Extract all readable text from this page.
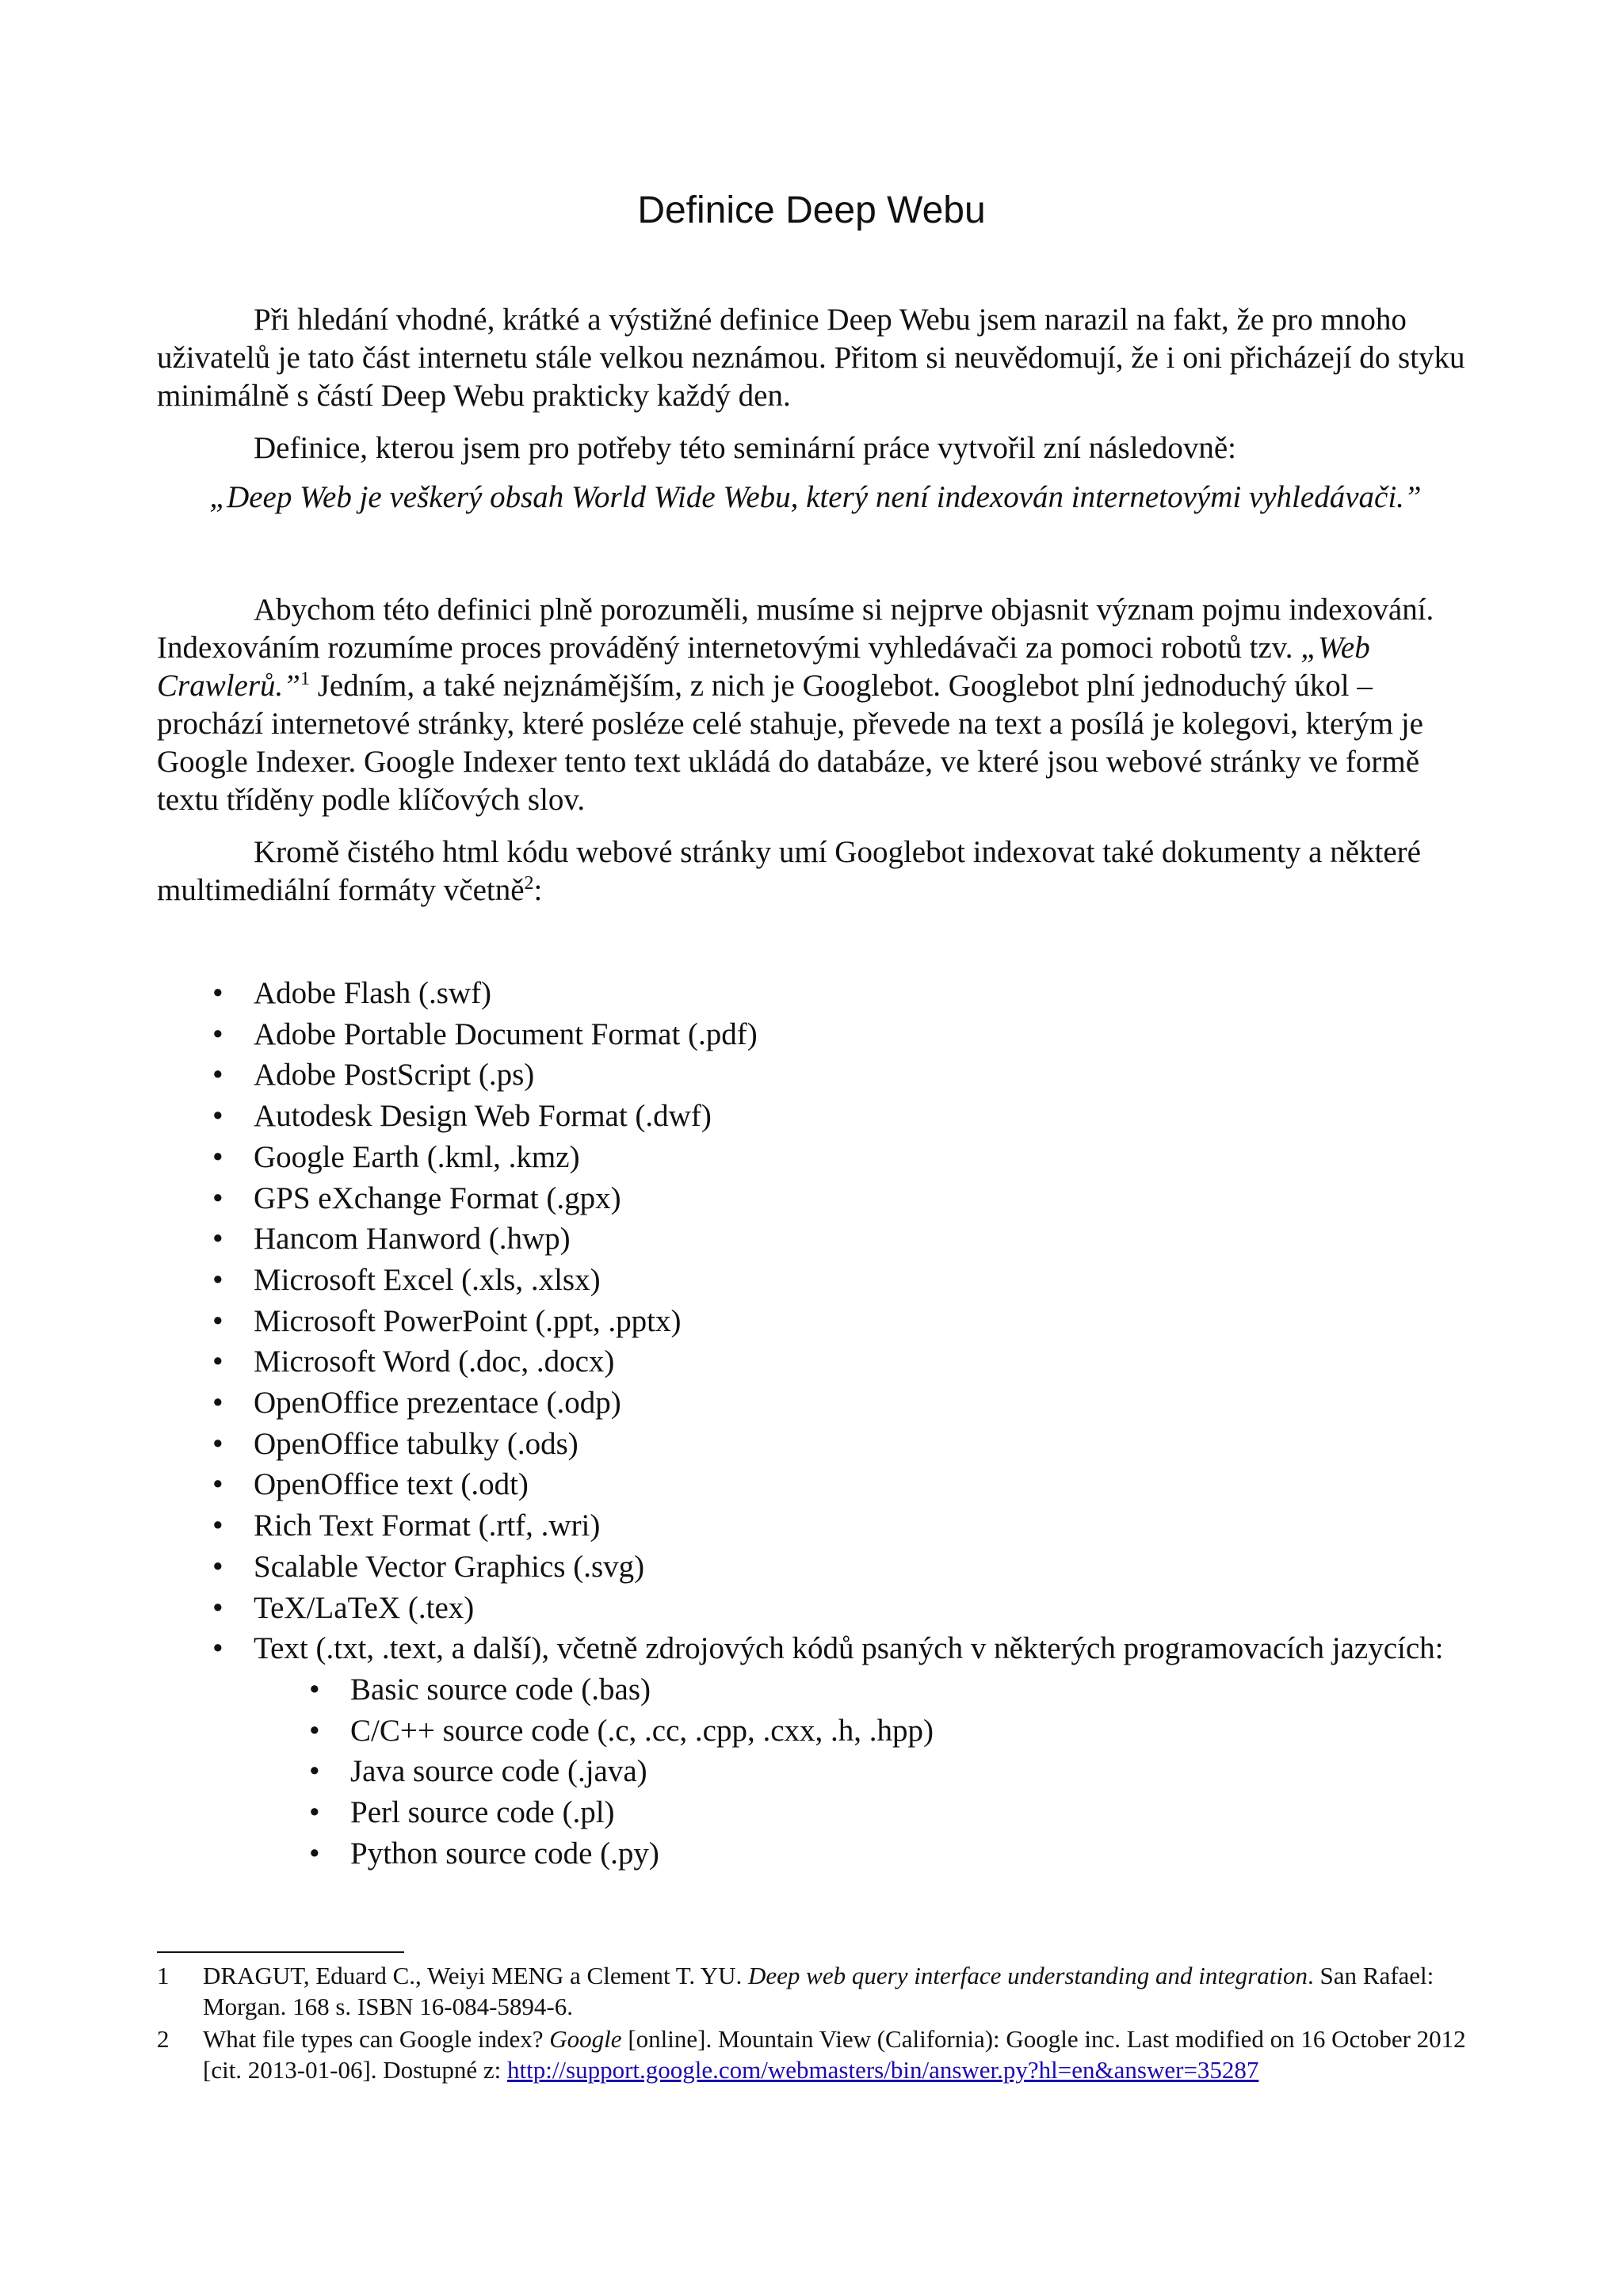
Definice Deep Webu

Při hledání vhodné, krátké a výstižné definice Deep Webu jsem narazil na fakt, že pro mnoho uživatelů je tato část internetu stále velkou neznámou. Přitom si neuvědomují, že i oni přicházejí do styku minimálně s částí Deep Webu prakticky každý den.

Definice, kterou jsem pro potřeby této seminární práce vytvořil zní následovně:

„Deep Web je veškerý obsah World Wide Webu, který není indexován internetovými vyhledávači.”

Abychom této definici plně porozuměli, musíme si nejprve objasnit význam pojmu indexování. Indexováním rozumíme proces prováděný internetovými vyhledávači za pomoci robotů tzv. „Web Crawlerů.”$^1$ Jedním, a také nejznámějším, z nich je Googlebot. Googlebot plní jednoduchý úkol – prochází internetové stránky, které posléze celé stahuje, převede na text a posílá je kolegovi, kterým je Google Indexer. Google Indexer tento text ukládá do databáze, ve které jsou webové stránky ve formě textu tříděny podle klíčových slov.

Kromě čistého html kódu webové stránky umí Googlebot indexovat také dokumenty a některé multimediální formáty včetně$^2$:

• Adobe Flash (.swf)
• Adobe Portable Document Format (.pdf)
• Adobe PostScript (.ps)
• Autodesk Design Web Format (.dwf)
• Google Earth (.kml, .kmz)
• GPS eXchange Format (.gpx)
• Hancom Hanword (.hwp)
• Microsoft Excel (.xls, .xlsx)
• Microsoft PowerPoint (.ppt, .pptx)
• Microsoft Word (.doc, .docx)
• OpenOffice prezentace (.odp)
• OpenOffice tabulky (.ods)
• OpenOffice text (.odt)
• Rich Text Format (.rtf, .wri)
• Scalable Vector Graphics (.svg)
• TeX/LaTeX (.tex)
• Text (.txt, .text, a další), včetně zdrojových kódů psaných v některých programovacích jazycích:
• Basic source code (.bas)
• C/C++ source code (.c, .cc, .cpp, .cxx, .h, .hpp)
• Java source code (.java)
• Perl source code (.pl)
• Python source code (.py)
1 DRAGUT, Eduard C., Weiyi MENG a Clement T. YU. Deep web query interface understanding and integration. San Rafael: Morgan. 168 s. ISBN 16-084-5894-6.
2 What file types can Google index? Google [online]. Mountain View (California): Google inc. Last modified on 16 October 2012 [cit. 2013-01-06]. Dostupné z: http://support.google.com/webmasters/bin/answer.py?hl=en&answer=35287
